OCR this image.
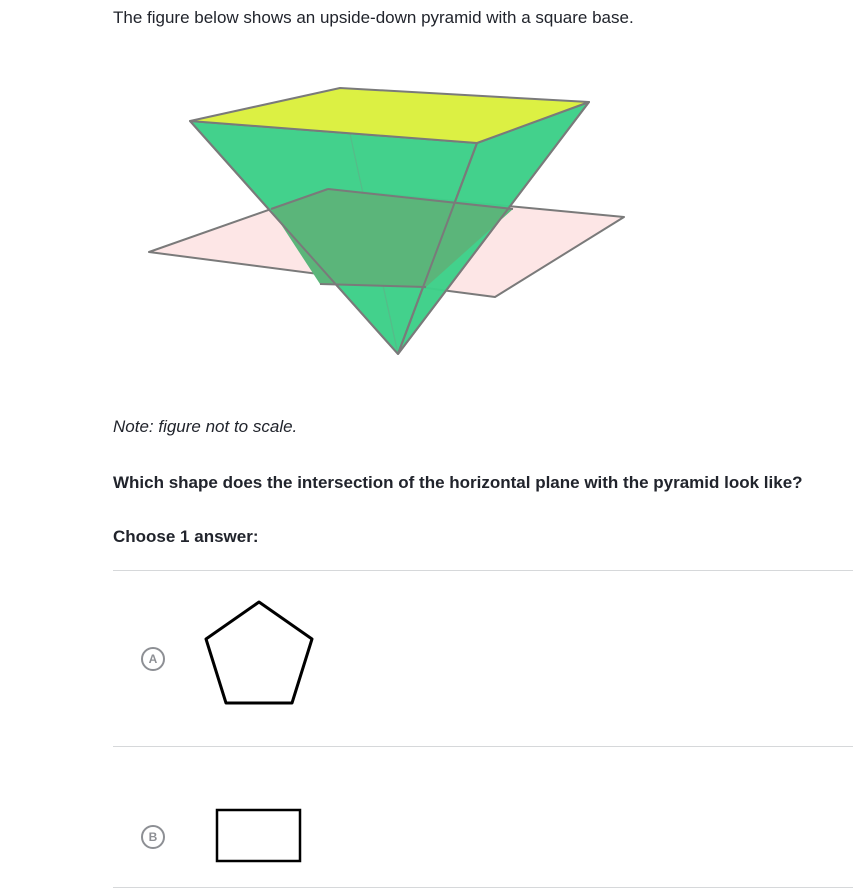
The figure below shows an upside-down pyramid with a square base.

Note: figure not to scale.

Which shape does the intersection of the horizontal plane with the pyramid look like?

Choose 1 answer:

A
B
